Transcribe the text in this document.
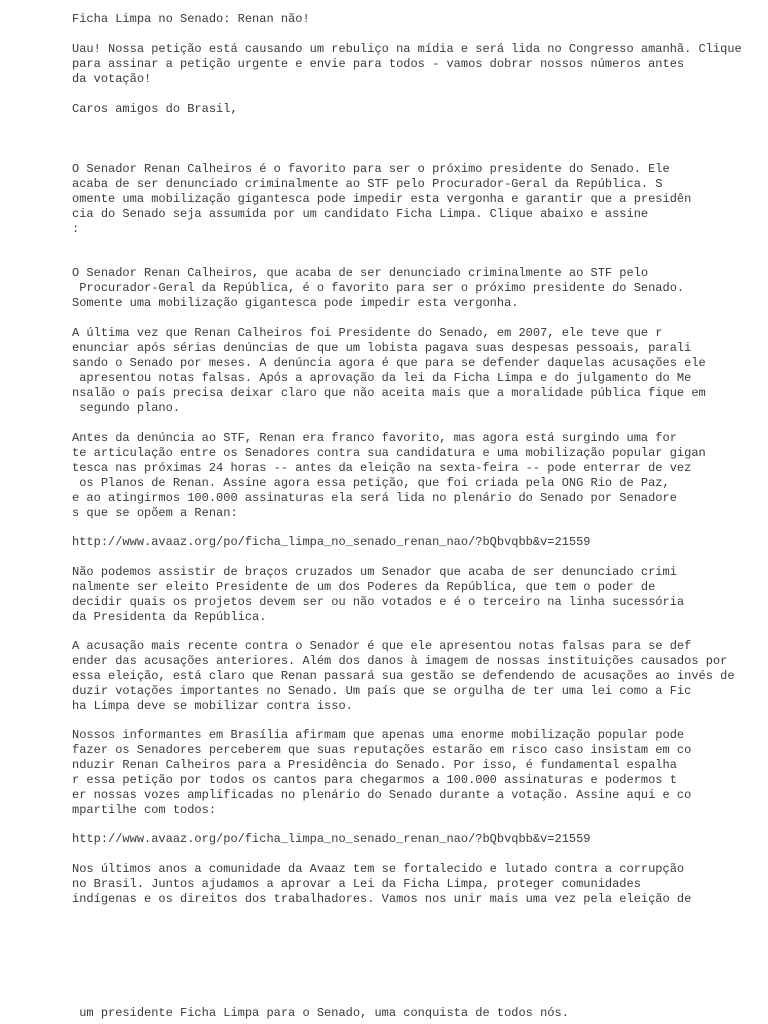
Ficha Limpa no Senado: Renan não!
Uau! Nossa petição está causando um rebuliço na mídia e será lida no Congresso amanhã. Clique
para assinar a petição urgente e envie para todos - vamos dobrar nossos números antes
da votação!
Caros amigos do Brasil,
O Senador Renan Calheiros é o favorito para ser o próximo presidente do Senado. Ele
acaba de ser denunciado criminalmente ao STF pelo Procurador-Geral da República. S
omente uma mobilização gigantesca pode impedir esta vergonha e garantir que a presidên
cia do Senado seja assumida por um candidato Ficha Limpa. Clique abaixo e assine
:
O Senador Renan Calheiros, que acaba de ser denunciado criminalmente ao STF pelo
Procurador-Geral da República, é o favorito para ser o próximo presidente do Senado.
Somente uma mobilização gigantesca pode impedir esta vergonha.
A última vez que Renan Calheiros foi Presidente do Senado, em 2007, ele teve que r
enunciar após sérias denúncias de que um lobista pagava suas despesas pessoais, parali
sando o Senado por meses. A denúncia agora é que para se defender daquelas acusações ele
apresentou notas falsas. Após a aprovação da lei da Ficha Limpa e do julgamento do Me
nsalão o país precisa deixar claro que não aceita mais que a moralidade pública fique em
segundo plano.
Antes da denúncia ao STF, Renan era franco favorito, mas agora está surgindo uma for
te articulação entre os Senadores contra sua candidatura e uma mobilização popular gigan
tesca nas próximas 24 horas -- antes da eleição na sexta-feira -- pode enterrar de vez
os Planos de Renan. Assine agora essa petição, que foi criada pela ONG Rio de Paz,
e ao atingirmos 100.000 assinaturas ela será lida no plenário do Senado por Senadore
s que se opõem a Renan:
http://www.avaaz.org/po/ficha_limpa_no_senado_renan_nao/?bQbvqbb&v=21559
Não podemos assistir de braços cruzados um Senador que acaba de ser denunciado crimi
nalmente ser eleito Presidente de um dos Poderes da República, que tem o poder de
decidir quais os projetos devem ser ou não votados e é o terceiro na linha sucessória
da Presidenta da República.
A acusação mais recente contra o Senador é que ele apresentou notas falsas para se def
ender das acusações anteriores. Além dos danos à imagem de nossas instituições causados por
essa eleição, está claro que Renan passará sua gestão se defendendo de acusações ao invés de
duzir votações importantes no Senado. Um país que se orgulha de ter uma lei como a Fic
ha Limpa deve se mobilizar contra isso.
Nossos informantes em Brasília afirmam que apenas uma enorme mobilização popular pode
fazer os Senadores perceberem que suas reputações estarão em risco caso insistam em co
nduzir Renan Calheiros para a Presidência do Senado. Por isso, é fundamental espalha
r essa petição por todos os cantos para chegarmos a 100.000 assinaturas e podermos t
er nossas vozes amplificadas no plenário do Senado durante a votação. Assine aqui e co
mpartilhe com todos:
http://www.avaaz.org/po/ficha_limpa_no_senado_renan_nao/?bQbvqbb&v=21559
Nos últimos anos a comunidade da Avaaz tem se fortalecido e lutado contra a corrupção
no Brasil. Juntos ajudamos a aprovar a Lei da Ficha Limpa, proteger comunidades
indígenas e os direitos dos trabalhadores. Vamos nos unir mais uma vez pela eleição de
um presidente Ficha Limpa para o Senado, uma conquista de todos nós.
